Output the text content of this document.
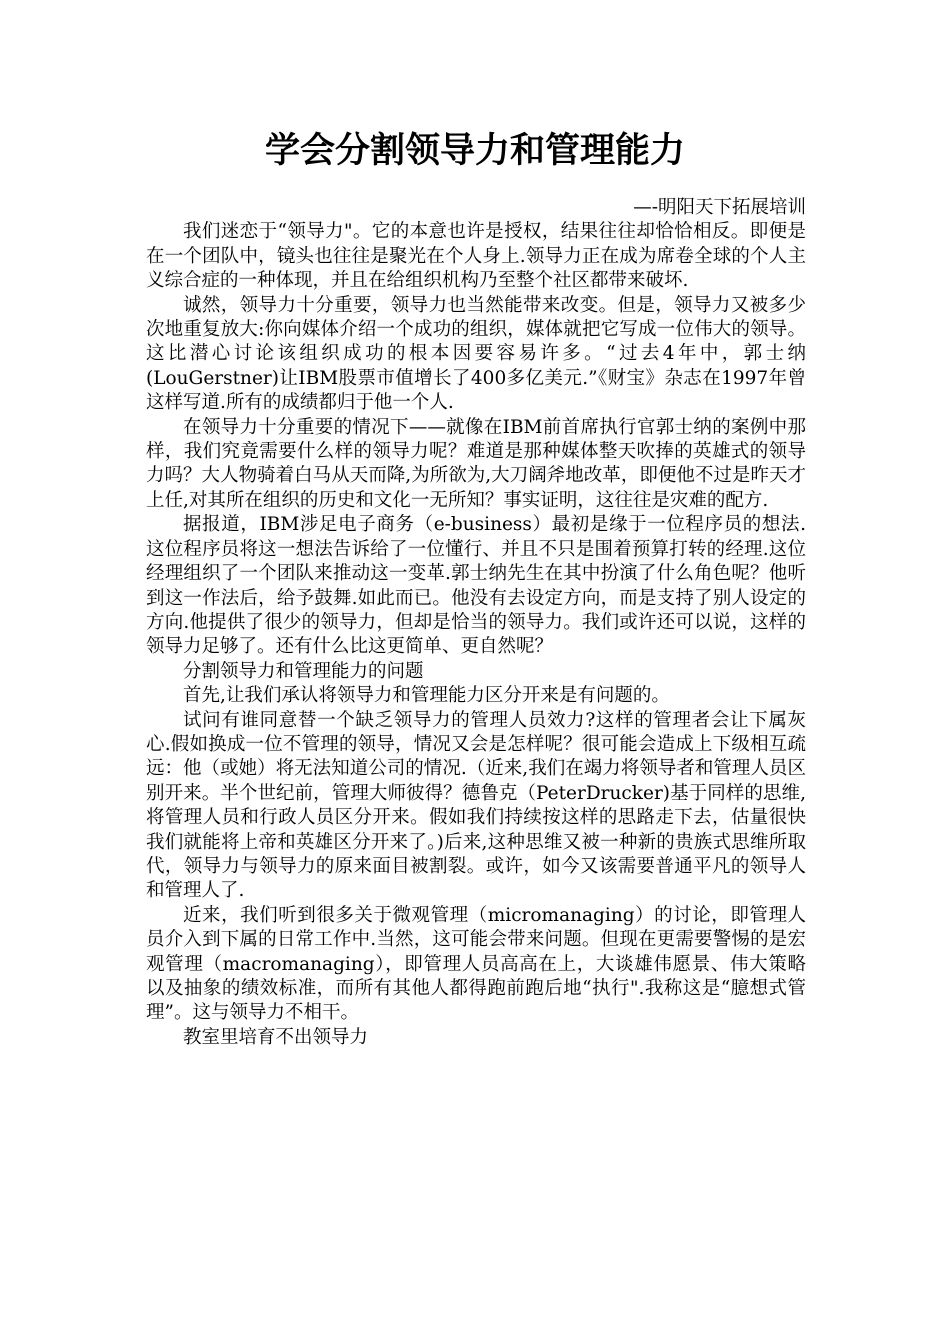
学会分割领导力和管理能力

—-明阳天下拓展培训

我们迷恋于“领导力"。它的本意也许是授权，结果往往却恰恰相反。即便是在一个团队中，镜头也往往是聚光在个人身上.领导力正在成为席卷全球的个人主义综合症的一种体现，并且在给组织机构乃至整个社区都带来破坏.

诚然，领导力十分重要，领导力也当然能带来改变。但是，领导力又被多少次地重复放大:你向媒体介绍一个成功的组织，媒体就把它写成一位伟大的领导。这比潜心讨论该组织成功的根本因要容易许多。“过去4年中，郭士纳(LouGerstner)让IBM股票市值增长了400多亿美元.”《财宝》杂志在1997年曾这样写道.所有的成绩都归于他一个人.

在领导力十分重要的情况下——就像在IBM前首席执行官郭士纳的案例中那样，我们究竟需要什么样的领导力呢？难道是那种媒体整天吹捧的英雄式的领导力吗？大人物骑着白马从天而降,为所欲为,大刀阔斧地改革，即便他不过是昨天才上任,对其所在组织的历史和文化一无所知？事实证明，这往往是灾难的配方.

据报道，IBM涉足电子商务（e-business）最初是缘于一位程序员的想法.这位程序员将这一想法告诉给了一位懂行、并且不只是围着预算打转的经理.这位经理组织了一个团队来推动这一变革.郭士纳先生在其中扮演了什么角色呢？他听到这一作法后，给予鼓舞.如此而已。他没有去设定方向，而是支持了别人设定的方向.他提供了很少的领导力，但却是恰当的领导力。我们或许还可以说，这样的领导力足够了。还有什么比这更简单、更自然呢？

分割领导力和管理能力的问题

首先,让我们承认将领导力和管理能力区分开来是有问题的。

试问有谁同意替一个缺乏领导力的管理人员效力?这样的管理者会让下属灰心.假如换成一位不管理的领导，情况又会是怎样呢？很可能会造成上下级相互疏远：他（或她）将无法知道公司的情况.（近来,我们在竭力将领导者和管理人员区别开来。半个世纪前，管理大师彼得？德鲁克（PeterDrucker)基于同样的思维,将管理人员和行政人员区分开来。假如我们持续按这样的思路走下去，估量很快我们就能将上帝和英雄区分开来了。)后来,这种思维又被一种新的贵族式思维所取代，领导力与领导力的原来面目被割裂。或许，如今又该需要普通平凡的领导人和管理人了.

近来，我们听到很多关于微观管理（micromanaging）的讨论，即管理人员介入到下属的日常工作中.当然，这可能会带来问题。但现在更需要警惕的是宏观管理（macromanaging），即管理人员高高在上，大谈雄伟愿景、伟大策略以及抽象的绩效标准，而所有其他人都得跑前跑后地“执行".我称这是“臆想式管理”。这与领导力不相干。

教室里培育不出领导力
